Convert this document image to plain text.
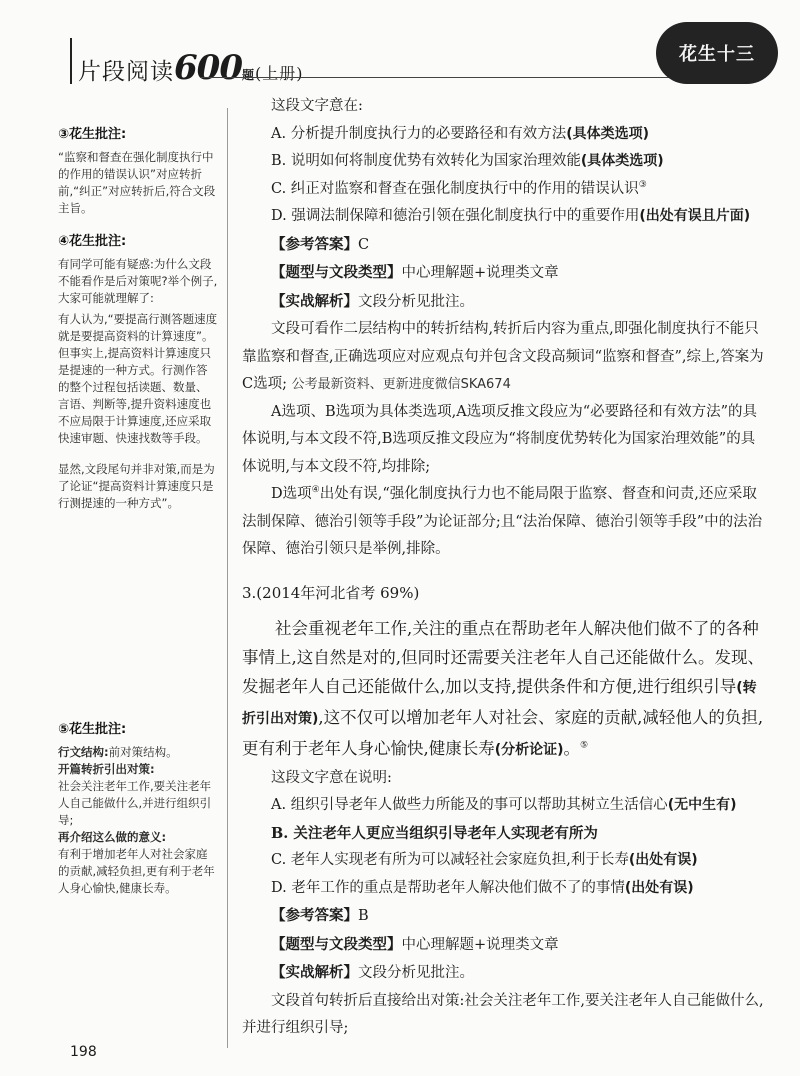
片段阅读600题(上册)
花生十三

③花生批注:

“监察和督查在强化制度执行中的作用的错误认识”对应转折前,“纠正”对应转折后,符合文段主旨。

④花生批注:

有同学可能有疑惑:为什么文段不能看作是后对策呢?举个例子,大家可能就理解了:

有人认为,“要提高行测答题速度就是要提高资料的计算速度”。但事实上,提高资料计算速度只是提速的一种方式。行测作答的整个过程包括读题、数量、言语、判断等,提升资料速度也不应局限于计算速度,还应采取快速审题、快速找数等手段。

显然,文段尾句并非对策,而是为了论证“提高资料计算速度只是行测提速的一种方式”。

⑤花生批注:

行文结构:前对策结构。

开篇转折引出对策:

社会关注老年工作,要关注老年人自己能做什么,并进行组织引导;

再介绍这么做的意义:

有利于增加老年人对社会家庭的贡献,减轻负担,更有利于老年人身心愉快,健康长寿。

这段文字意在:

A. 分析提升制度执行力的必要路径和有效方法(具体类选项)

B. 说明如何将制度优势有效转化为国家治理效能(具体类选项)

C. 纠正对监察和督查在强化制度执行中的作用的错误认识③

D. 强调法制保障和德治引领在强化制度执行中的重要作用(出处有误且片面)

【参考答案】C

【题型与文段类型】中心理解题+说理类文章

【实战解析】文段分析见批注。

文段可看作二层结构中的转折结构,转折后内容为重点,即强化制度执行不能只靠监察和督查,正确选项应对应观点句并包含文段高频词“监察和督查”,综上,答案为C选项; 公考最新资料、更新进度微信SKA674

A选项、B选项为具体类选项,A选项反推文段应为“必要路径和有效方法”的具体说明,与本文段不符,B选项反推文段应为“将制度优势转化为国家治理效能”的具体说明,与本文段不符,均排除;

D选项④出处有误,“强化制度执行力也不能局限于监察、督查和问责,还应采取法制保障、德治引领等手段”为论证部分;且“法治保障、德治引领等手段”中的法治保障、德治引领只是举例,排除。

3.(2014年河北省考 69%)

社会重视老年工作,关注的重点在帮助老年人解决他们做不了的各种事情上,这自然是对的,但同时还需要关注老年人自己还能做什么。发现、发掘老年人自己还能做什么,加以支持,提供条件和方便,进行组织引导(转折引出对策),这不仅可以增加老年人对社会、家庭的贡献,减轻他人的负担,更有利于老年人身心愉快,健康长寿(分析论证)。⑤

这段文字意在说明:

A. 组织引导老年人做些力所能及的事可以帮助其树立生活信心(无中生有)

B. 关注老年人更应当组织引导老年人实现老有所为

C. 老年人实现老有所为可以减轻社会家庭负担,利于长寿(出处有误)

D. 老年工作的重点是帮助老年人解决他们做不了的事情(出处有误)

【参考答案】B

【题型与文段类型】中心理解题+说理类文章

【实战解析】文段分析见批注。

文段首句转折后直接给出对策:社会关注老年工作,要关注老年人自己能做什么,并进行组织引导;

198
